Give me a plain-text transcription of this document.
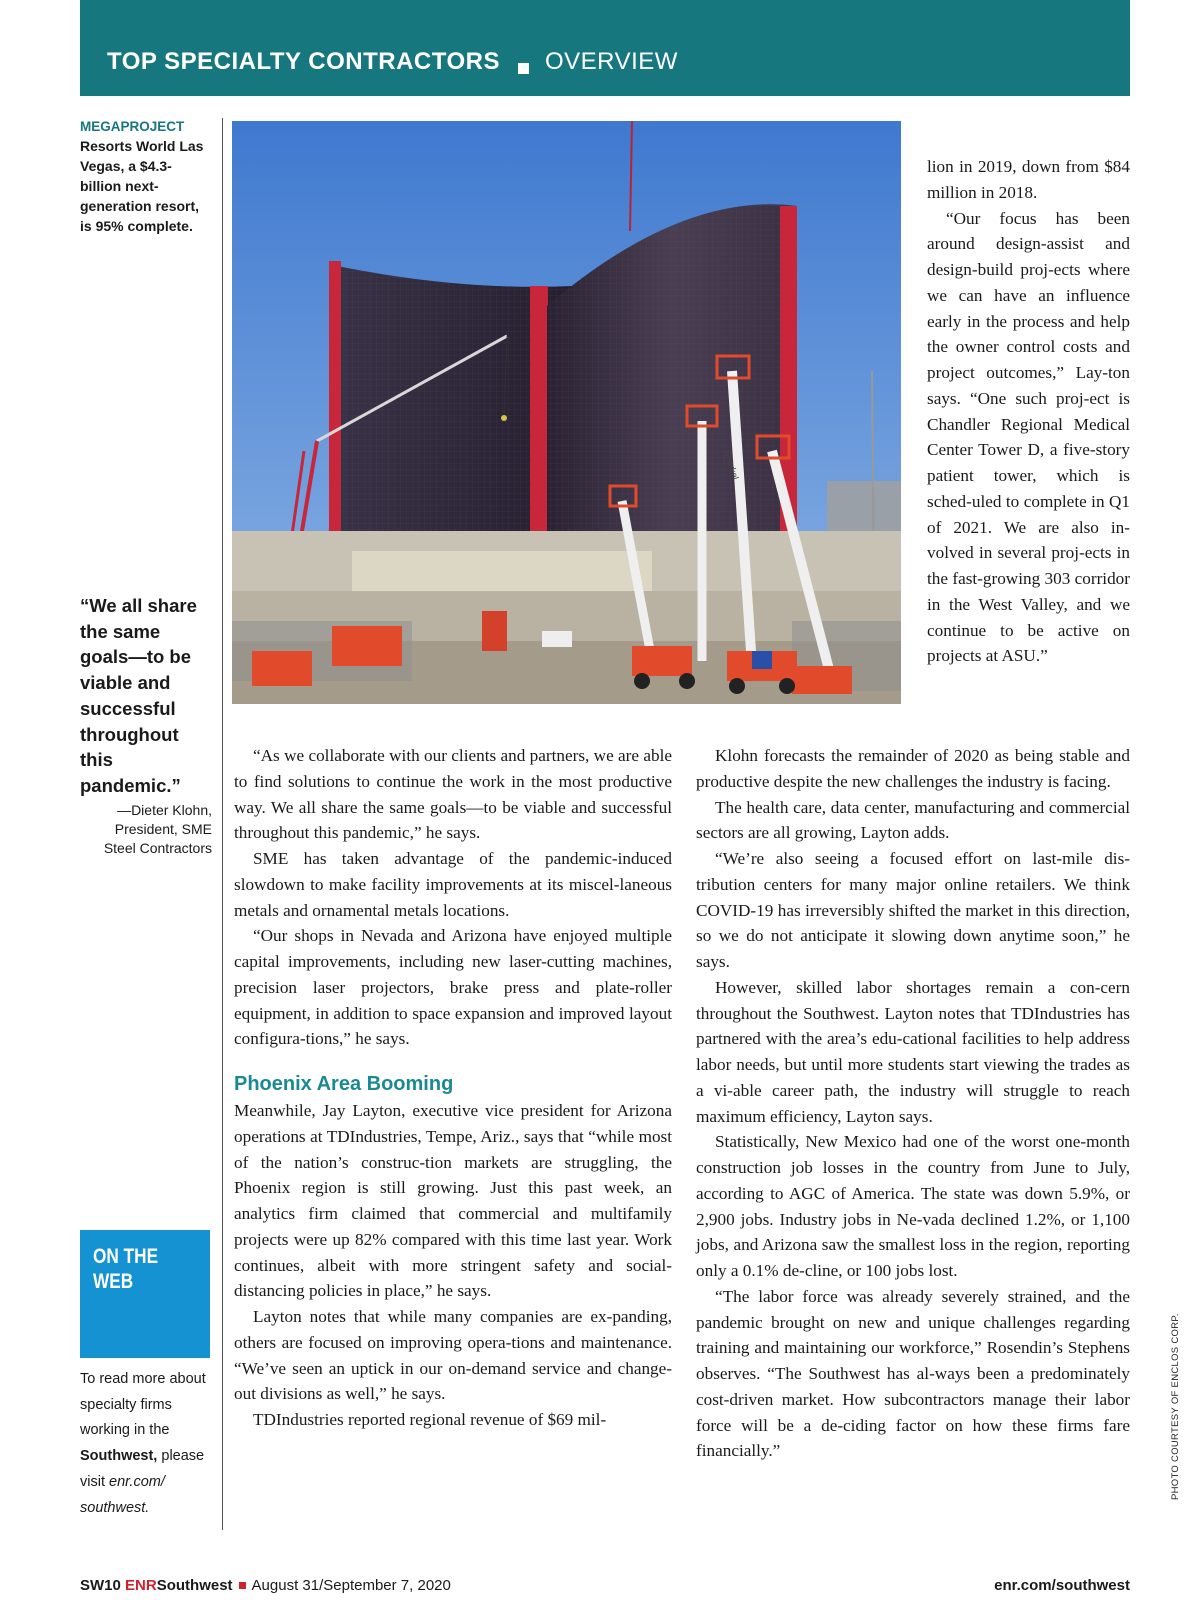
TOP SPECIALTY CONTRACTORS OVERVIEW
MEGAPROJECT
Resorts World Las Vegas, a $4.3-billion next-generation resort, is 95% complete.
“We all share the same goals—to be viable and successful throughout this pandemic.”
—Dieter Klohn, President, SME Steel Contractors
ON THE
WEB
To read more about specialty firms working in the Southwest, please visit enr.com/ southwest.
Snorkel
PHOTO COURTESY OF ENCLOS CORP.

lion in 2019, down from $84 million in 2018.

“Our focus has been around design-assist and design-build proj-ects where we can have an influence early in the process and help the owner control costs and project outcomes,” Lay-ton says. “One such proj-ect is Chandler Regional Medical Center Tower D, a five-story patient tower, which is sched-uled to complete in Q1 of 2021. We are also in-volved in several proj-ects in the fast-growing 303 corridor in the West Valley, and we continue to be active on projects at ASU.”

“As we collaborate with our clients and partners, we are able to find solutions to continue the work in the most productive way. We all share the same goals—to be viable and successful throughout this pandemic,” he says.

SME has taken advantage of the pandemic-induced slowdown to make facility improvements at its miscel-laneous metals and ornamental metals locations.

“Our shops in Nevada and Arizona have enjoyed multiple capital improvements, including new laser-cutting machines, precision laser projectors, brake press and plate-roller equipment, in addition to space expansion and improved layout configura-tions,” he says.

Phoenix Area Booming

Meanwhile, Jay Layton, executive vice president for Arizona operations at TDIndustries, Tempe, Ariz., says that “while most of the nation’s construc-tion markets are struggling, the Phoenix region is still growing. Just this past week, an analytics firm claimed that commercial and multifamily projects were up 82% compared with this time last year. Work continues, albeit with more stringent safety and social-distancing policies in place,” he says.

Layton notes that while many companies are ex-panding, others are focused on improving opera-tions and maintenance. “We’ve seen an uptick in our on-demand service and change-out divisions as well,” he says.

TDIndustries reported regional revenue of $69 mil-

Klohn forecasts the remainder of 2020 as being stable and productive despite the new challenges the industry is facing.

The health care, data center, manufacturing and commercial sectors are all growing, Layton adds.

“We’re also seeing a focused effort on last-mile dis-tribution centers for many major online retailers. We think COVID-19 has irreversibly shifted the market in this direction, so we do not anticipate it slowing down anytime soon,” he says.

However, skilled labor shortages remain a con-cern throughout the Southwest. Layton notes that TDIndustries has partnered with the area’s edu-cational facilities to help address labor needs, but until more students start viewing the trades as a vi-able career path, the industry will struggle to reach maximum efficiency, Layton says.

Statistically, New Mexico had one of the worst one-month construction job losses in the country from June to July, according to AGC of America. The state was down 5.9%, or 2,900 jobs. Industry jobs in Ne-vada declined 1.2%, or 1,100 jobs, and Arizona saw the smallest loss in the region, reporting only a 0.1% de-cline, or 100 jobs lost.

“The labor force was already severely strained, and the pandemic brought on new and unique challenges regarding training and maintaining our workforce,” Rosendin’s Stephens observes. “The Southwest has al-ways been a predominately cost-driven market. How subcontractors manage their labor force will be a de-ciding factor on how these firms fare financially.”

SW10 ENRSouthwest August 31/September 7, 2020	enr.com/southwest
